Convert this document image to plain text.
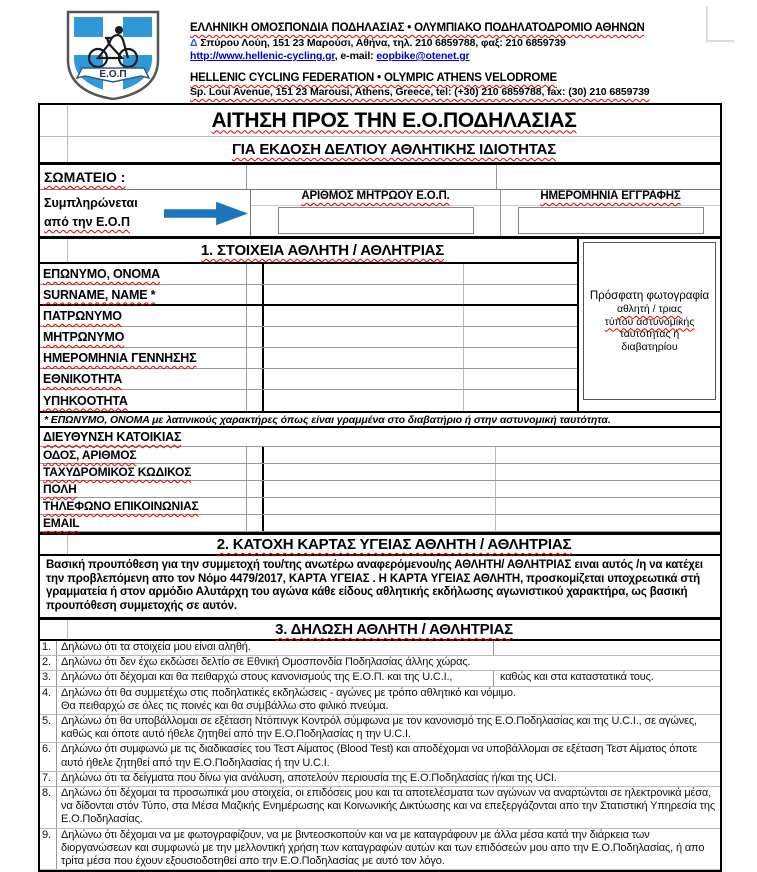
Ε.Ο.Π
ΕΛΛΗΝΙΚΗ ΟΜΟΣΠΟΝΔΙΑ ΠΟΔΗΛΑΣΙΑΣ • ΟΛΥΜΠΙΑΚΟ ΠΟΔΗΛΑΤΟΔΡΟΜΙΟ ΑΘΗΝΩΝ
Δ Σπύρου Λούη, 151 23 Μαρούσι, Αθήνα, τηλ. 210 6859788, φαξ: 210 6859739 http://www.hellenic-cycling.gr, e-mail: eopbike@otenet.gr
HELLENIC CYCLING FEDERATION • OLYMPIC ATHENS VELODROME
Sp. Loui Avenue, 151 23 Marousi, Athens, Greece, tel: (+30) 210 6859788, fax: (30) 210 6859739
ΑΙΤΗΣΗ ΠΡΟΣ ΤΗΝ Ε.Ο.ΠΟΔΗΛΑΣΙΑΣ
ΓΙΑ ΕΚΔΟΣΗ ΔΕΛΤΙΟΥ ΑΘΛΗΤΙΚΗΣ ΙΔΙΟΤΗΤΑΣ
ΣΩΜΑΤΕΙΟ :
Συμπληρώνεται
από την Ε.Ο.Π
ΑΡΙΘΜΟΣ ΜΗΤΡΩΟΥ Ε.Ο.Π.	ΗΜΕΡΟΜΗΝΙΑ ΕΓΓΡΑΦΗΣ
1. ΣΤΟΙΧΕΙΑ ΑΘΛΗΤΗ / ΑΘΛΗΤΡΙΑΣ
ΕΠΩΝΥΜΟ, ΟΝΟΜΑ
SURNAME, NAME *
ΠΑΤΡΩΝΥΜΟ
ΜΗΤΡΩΝΥΜΟ
ΗΜΕΡΟΜΗΝΙΑ ΓΕΝΝΗΣΗΣ
ΕΘΝΙΚΟΤΗΤΑ
ΥΠΗΚΟΟΤΗΤΑ
Πρόσφατη φωτογραφία
αθλητή / τριας
τύπου αστυνομικής
ταυτότητας ή
διαβατηρίου
* ΕΠΩΝΥΜΟ, ΟΝΟΜΑ με λατινικούς χαρακτήρες όπως είναι γραμμένα στο διαβατήριο ή στην αστυνομική ταυτότητα.
ΔΙΕΥΘΥΝΣΗ ΚΑΤΟΙΚΙΑΣ
ΟΔΟΣ, ΑΡΙΘΜΟΣ
ΤΑΧΥΔΡΟΜΙΚΟΣ ΚΩΔΙΚΟΣ
ΠΟΛΗ
ΤΗΛΕΦΩΝΟ ΕΠΙΚΟΙΝΩΝΙΑΣ
EMAIL
2. ΚΑΤΟΧΗ ΚΑΡΤΑΣ ΥΓΕΙΑΣ ΑΘΛΗΤΗ / ΑΘΛΗΤΡΙΑΣ
Βασική προυπόθεση για την συμμετοχή του/της ανωτέρω αναφερόμενου/ης ΑΘΛΗΤΗ/ ΑΘΛΗΤΡΙΑΣ ειναι αυτός /η να κατέχει την προβλεπόμενη απο τον Νόμο 4479/2017, ΚΑΡΤΑ ΥΓΕΙΑΣ . Η ΚΑΡΤΑ ΥΓΕΙΑΣ ΑΘΛΗΤΗ, προσκομίζεται υποχρεωτικά στή γραμματεία ή στον αρμόδιο Αλυτάρχη του αγώνα κάθε είδους αθλητικής εκδήλωσης αγωνιστικού χαρακτήρα, ως βασική προυπόθεση συμμετοχής σε αυτόν.
3. ΔΗΛΩΣΗ ΑΘΛΗΤΗ / ΑΘΛΗΤΡΙΑΣ
1. Δηλώνω ότι τα στοιχεία μου είναι αληθή.
2. Δηλώνω ότι δεν έχω εκδώσει δελτίο σε Εθνική Ομοσπονδία Ποδηλασίας άλλης χώρας.
3. Δηλώνω ότι δέχομαι και θα πειθαρχώ στους κανονισμούς της Ε.Ο.Π. και της U.C.I.,	καθώς και στα καταστατικά τους.
4. Δηλώνω ότι θα συμμετέχω στις ποδηλατικές εκδηλώσεις - αγώνες με τρόπο αθλητικό και νόμιμο.
Θα πειθαρχώ σε όλες τις ποινές και θα συμβάλλω στο φιλικό πνεύμα.
5. Δηλώνω ότι θα υποβάλλομαι σε εξέταση Ντόπινγκ Κοντρόλ σύμφωνα με τον κανονισμό της Ε.Ο.Ποδηλασίας και της U.C.I., σε αγώνες, καθώς και όποτε αυτό ήθελε ζητηθεί από την Ε.Ο.Ποδηλασίας η την U.C.I.
6. Δηλώνω ότι συμφωνώ με τις διαδικασίες του Τεστ Αίματος (Blood Test) και αποδέχομαι να υποβάλλομαι σε εξέταση Τεστ Αίματος όποτε αυτό ήθελε ζητηθεί από την Ε.Ο.Ποδηλασίας ή την U.C.I.
7. Δηλώνω ότι τα δείγματα που δίνω για ανάλυση, αποτελούν περιουσία της Ε.Ο.Ποδηλασίας ή/και της UCI.
8. Δηλώνω ότι δέχομαι τα προσωπικά μου στοιχεία, οι επιδόσεις μου και τα αποτελέσματα των αγώνων να αναρτώνται σε ηλεκτρονικά μέσα, να δίδονται στόν Τύπο, στα Μέσα Μαζικής Ενημέρωσης και Κοινωνικής Δικτύωσης και να επεξεργάζονται απο την Στατιστική Υπηρεσία της Ε.Ο.Ποδηλασίας.
9. Δηλώνω ότι δέχομαι να με φωτογραφίζουν, να με βιντεοσκοπούν και να με καταγράφουν με άλλα μέσα κατά την διάρκεια των διοργανώσεων και συμφωνώ με την μελλοντική χρήση των καταγραφών αυτών και των επιδόσεών μου απο την Ε.Ο.Ποδηλασίας, ή απο τρίτα μέσα που έχουν εξουσιοδοτηθεί απο την Ε.Ο.Ποδηλασίας με αυτό τον λόγο.
